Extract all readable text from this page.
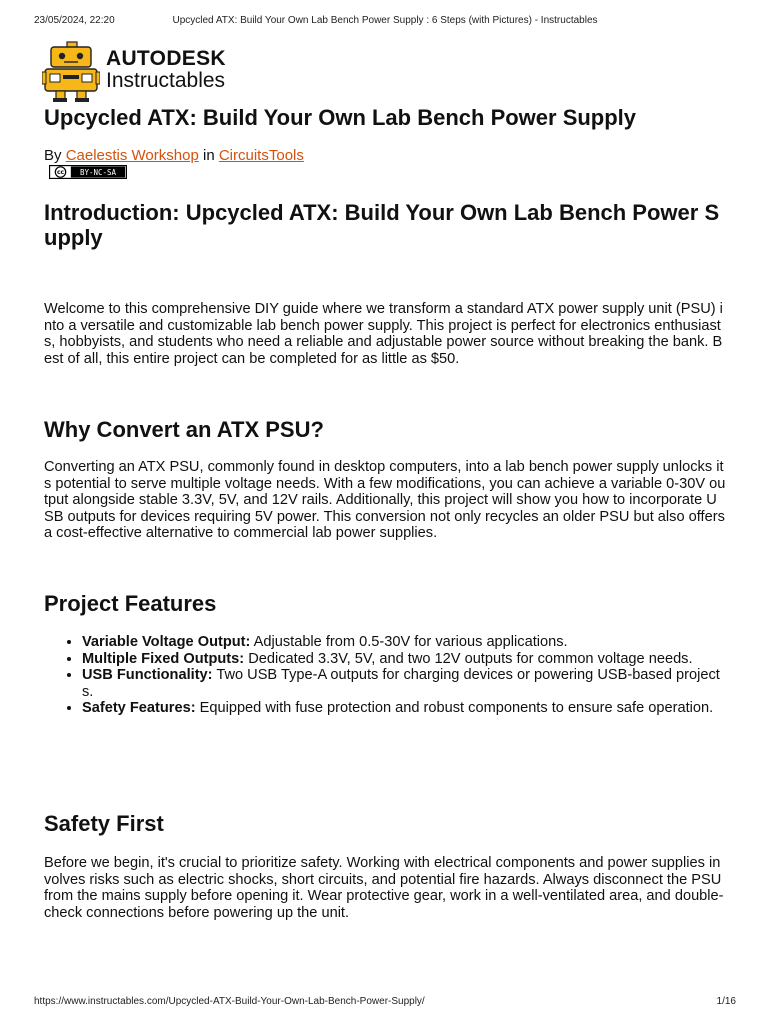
23/05/2024, 22:20	Upcycled ATX: Build Your Own Lab Bench Power Supply : 6 Steps (with Pictures) - Instructables
AUTODESK
Instructables
Upcycled ATX: Build Your Own Lab Bench Power Supply
By Caelestis Workshop in CircuitsTools
cc BY-NC-SA
Introduction: Upcycled ATX: Build Your Own Lab Bench Power Supply

Welcome to this comprehensive DIY guide where we transform a standard ATX power supply unit (PSU) into a versatile and customizable lab bench power supply. This project is perfect for electronics enthusiasts, hobbyists, and students who need a reliable and adjustable power source without breaking the bank. Best of all, this entire project can be completed for as little as $50.

Why Convert an ATX PSU?

Converting an ATX PSU, commonly found in desktop computers, into a lab bench power supply unlocks its potential to serve multiple voltage needs. With a few modifications, you can achieve a variable 0-30V output alongside stable 3.3V, 5V, and 12V rails. Additionally, this project will show you how to incorporate USB outputs for devices requiring 5V power. This conversion not only recycles an older PSU but also offers a cost-effective alternative to commercial lab power supplies.

Project Features
• Variable Voltage Output: Adjustable from 0.5-30V for various applications.
• Multiple Fixed Outputs: Dedicated 3.3V, 5V, and two 12V outputs for common voltage needs.
• USB Functionality: Two USB Type-A outputs for charging devices or powering USB-based projects.
• Safety Features: Equipped with fuse protection and robust components to ensure safe operation.
Safety First

Before we begin, it's crucial to prioritize safety. Working with electrical components and power supplies involves risks such as electric shocks, short circuits, and potential fire hazards. Always disconnect the PSU from the mains supply before opening it. Wear protective gear, work in a well-ventilated area, and double-check connections before powering up the unit.

https://www.instructables.com/Upcycled-ATX-Build-Your-Own-Lab-Bench-Power-Supply/	1/16
